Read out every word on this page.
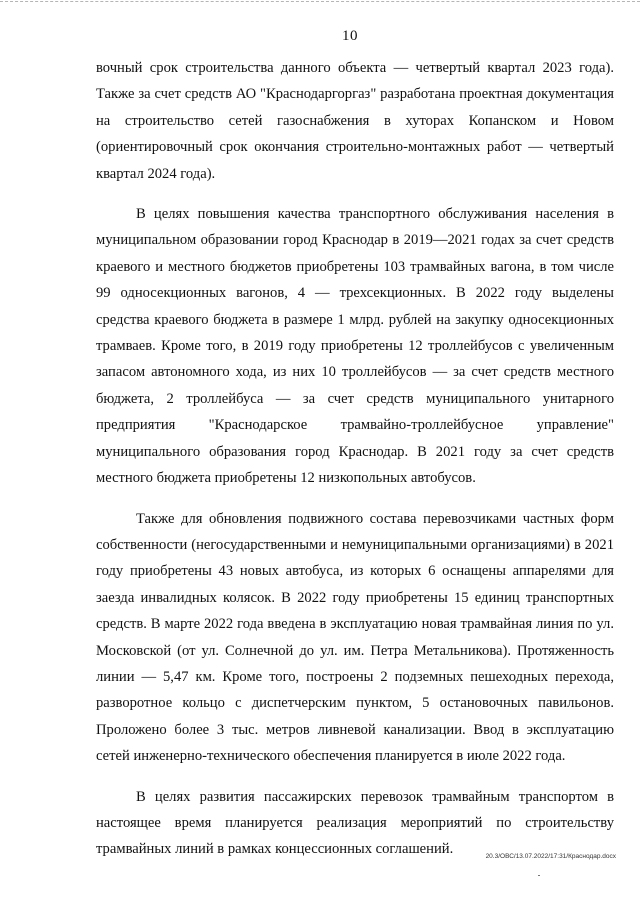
10

вочный срок строительства данного объекта — четвертый квартал 2023 года). Также за счет средств АО "Краснодаргоргаз" разработана проектная документация на строительство сетей газоснабжения в хуторах Копанском и Новом (ориентировочный срок окончания строительно-монтажных работ — четвертый квартал 2024 года).

В целях повышения качества транспортного обслуживания населения в муниципальном образовании город Краснодар в 2019—2021 годах за счет средств краевого и местного бюджетов приобретены 103 трамвайных вагона, в том числе 99 односекционных вагонов, 4 — трехсекционных. В 2022 году выделены средства краевого бюджета в размере 1 млрд. рублей на закупку односекционных трамваев. Кроме того, в 2019 году приобретены 12 троллейбусов с увеличенным запасом автономного хода, из них 10 троллейбусов — за счет средств местного бюджета, 2 троллейбуса — за счет средств муниципального унитарного предприятия "Краснодарское трамвайно-троллейбусное управление" муниципального образования город Краснодар. В 2021 году за счет средств местного бюджета приобретены 12 низкопольных автобусов.

Также для обновления подвижного состава перевозчиками частных форм собственности (негосударственными и немуниципальными организациями) в 2021 году приобретены 43 новых автобуса, из которых 6 оснащены аппарелями для заезда инвалидных колясок. В 2022 году приобретены 15 единиц транспортных средств. В марте 2022 года введена в эксплуатацию новая трамвайная линия по ул. Московской (от ул. Солнечной до ул. им. Петра Метальникова). Протяженность линии — 5,47 км. Кроме того, построены 2 подземных пешеходных перехода, разворотное кольцо с диспетчерским пунктом, 5 остановочных павильонов. Проложено более 3 тыс. метров ливневой канализации. Ввод в эксплуатацию сетей инженерно-технического обеспечения планируется в июле 2022 года.

В целях развития пассажирских перевозок трамвайным транспортом в настоящее время планируется реализация мероприятий по строительству трамвайных линий в рамках концессионных соглашений.	20.3/ОВС/13.07.2022/17:31/Краснодар.docx
